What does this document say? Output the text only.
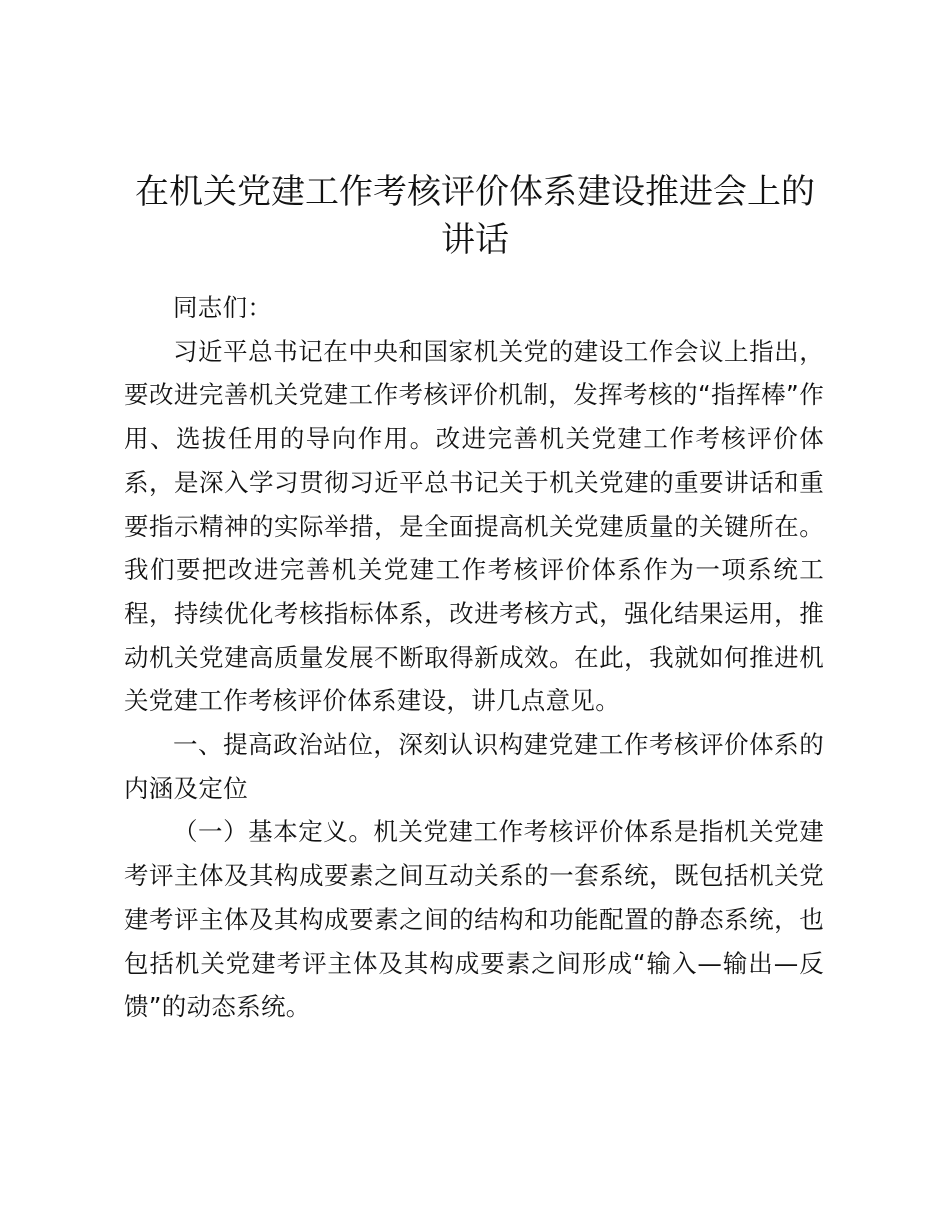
在机关党建工作考核评价体系建设推进会上的
讲话

同志们：

习近平总书记在中央和国家机关党的建设工作会议上指出，要改进完善机关党建工作考核评价机制，发挥考核的“指挥棒”作用、选拔任用的导向作用。改进完善机关党建工作考核评价体系，是深入学习贯彻习近平总书记关于机关党建的重要讲话和重要指示精神的实际举措，是全面提高机关党建质量的关键所在。我们要把改进完善机关党建工作考核评价体系作为一项系统工程，持续优化考核指标体系，改进考核方式，强化结果运用，推动机关党建高质量发展不断取得新成效。在此，我就如何推进机关党建工作考核评价体系建设，讲几点意见。

一、提高政治站位，深刻认识构建党建工作考核评价体系的内涵及定位

（一）基本定义。机关党建工作考核评价体系是指机关党建考评主体及其构成要素之间互动关系的一套系统，既包括机关党建考评主体及其构成要素之间的结构和功能配置的静态系统，也包括机关党建考评主体及其构成要素之间形成“输入—输出—反馈”的动态系统。
